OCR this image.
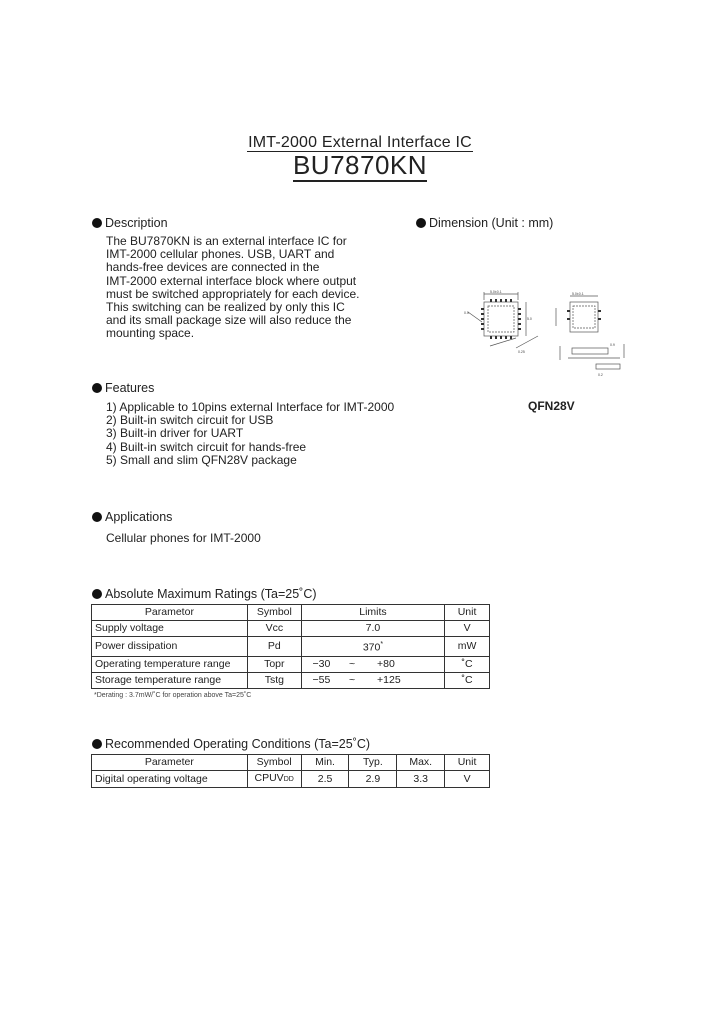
IMT-2000 External Interface IC
BU7870KN
Description
The BU7870KN is an external interface IC for
IMT-2000 cellular phones. USB, UART and
hands-free devices are connected in the
IMT-2000 external interface block where output
must be switched appropriately for each device.
This switching can be realized by only this IC
and its small package size will also reduce the
mounting space.
Dimension (Unit : mm)
5.0±0.1	5.0±0.1
5.0
0.5
0.25
0.9
0.2
QFN28V
Features
1) Applicable to 10pins external Interface for IMT-2000
2) Built-in switch circuit for USB
3) Built-in driver for UART
4) Built-in switch circuit for hands-free
5) Small and slim QFN28V package
Applications
Cellular phones for IMT-2000
Absolute Maximum Ratings (Ta=25˚C)
Parametor	Symbol	Limits			Unit
Supply voltage	Vcc	7.0			V
Power dissipation	Pd	370*			mW
Operating temperature range	Topr	−30	~	+80	˚C
Storage temperature range	Tstg	−55	~	+125	˚C
*Derating : 3.7mW/˚C for operation above Ta=25˚C
Recommended Operating Conditions (Ta=25˚C)
Parameter	Symbol	Min.	Typ.	Max.	Unit
Digital operating voltage	CPUVDD	2.5	2.9	3.3	V
